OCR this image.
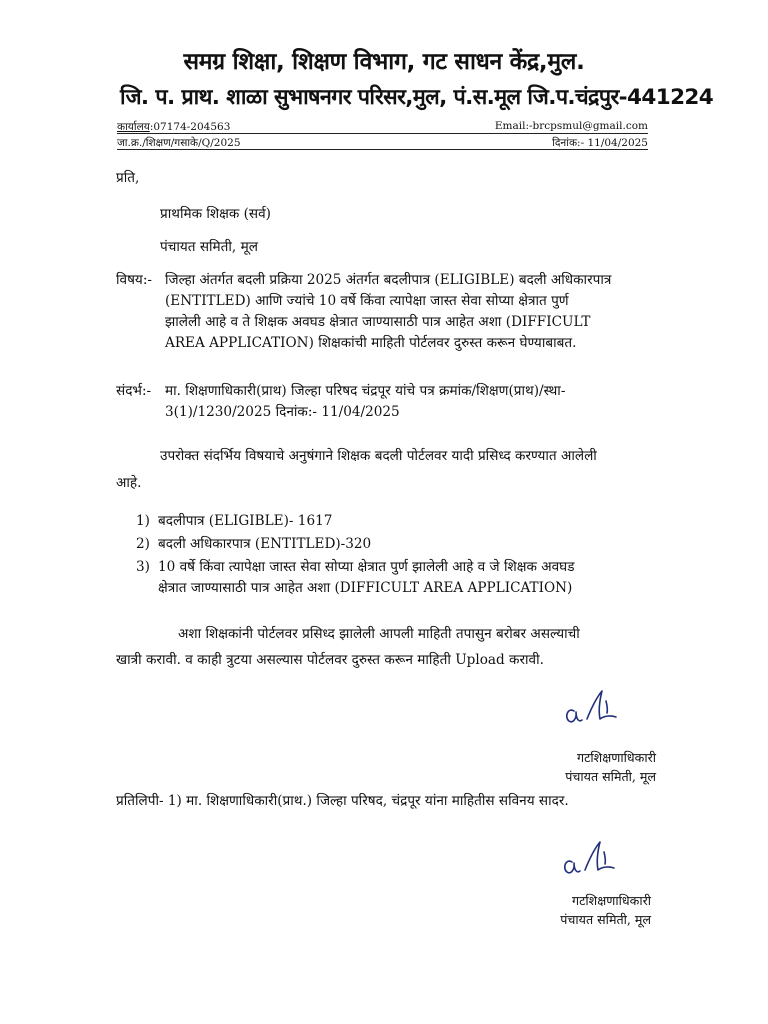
समग्र शिक्षा, शिक्षण विभाग, गट साधन केंद्र,मुल.
जि. प. प्राथ. शाळा सुभाषनगर परिसर,मुल, पं.स.मूल जि.प.चंद्रपुर-441224
कार्यालय:07174-204563	Email:-brcpsmul@gmail.com
जा.क्र./शिक्षण/गसाके/Q/2025	दिनांक:- 11/04/2025
प्रति,
प्राथमिक शिक्षक (सर्व)
पंचायत समिती, मूल
विषय:- जिल्हा अंतर्गत बदली प्रक्रिया 2025 अंतर्गत बदलीपात्र (ELIGIBLE) बदली अधिकारपात्र
(ENTITLED) आणि ज्यांचे 10 वर्षे किंवा त्यापेक्षा जास्त सेवा सोप्या क्षेत्रात पुर्ण
झालेली आहे व ते शिक्षक अवघड क्षेत्रात जाण्यासाठी पात्र आहेत अशा (DIFFICULT
AREA APPLICATION) शिक्षकांची माहिती पोर्टलवर दुरुस्त करून घेण्याबाबत.
संदर्भ:- मा. शिक्षणाधिकारी(प्राथ) जिल्हा परिषद चंद्रपूर यांचे पत्र क्रमांक/शिक्षण(प्राथ)/स्था-
3(1)/1230/2025 दिनांक:- 11/04/2025
उपरोक्त संदर्भिय विषयाचे अनुषंगाने शिक्षक बदली पोर्टलवर यादी प्रसिध्द करण्यात आलेली
आहे.
1) बदलीपात्र (ELIGIBLE)- 1617
2) बदली अधिकारपात्र (ENTITLED)-320
3) 10 वर्षे किंवा त्यापेक्षा जास्त सेवा सोप्या क्षेत्रात पुर्ण झालेली आहे व जे शिक्षक अवघड
क्षेत्रात जाण्यासाठी पात्र आहेत अशा (DIFFICULT AREA APPLICATION)
अशा शिक्षकांनी पोर्टलवर प्रसिध्द झालेली आपली माहिती तपासुन बरोबर असल्याची
खात्री करावी. व काही त्रुटया असल्यास पोर्टलवर दुरुस्त करून माहिती Upload करावी.
गटशिक्षणाधिकारी
पंचायत समिती, मूल
प्रतिलिपी- 1) मा. शिक्षणाधिकारी(प्राथ.) जिल्हा परिषद, चंद्रपूर यांना माहितीस सविनय सादर.
गटशिक्षणाधिकारी
पंचायत समिती, मूल
